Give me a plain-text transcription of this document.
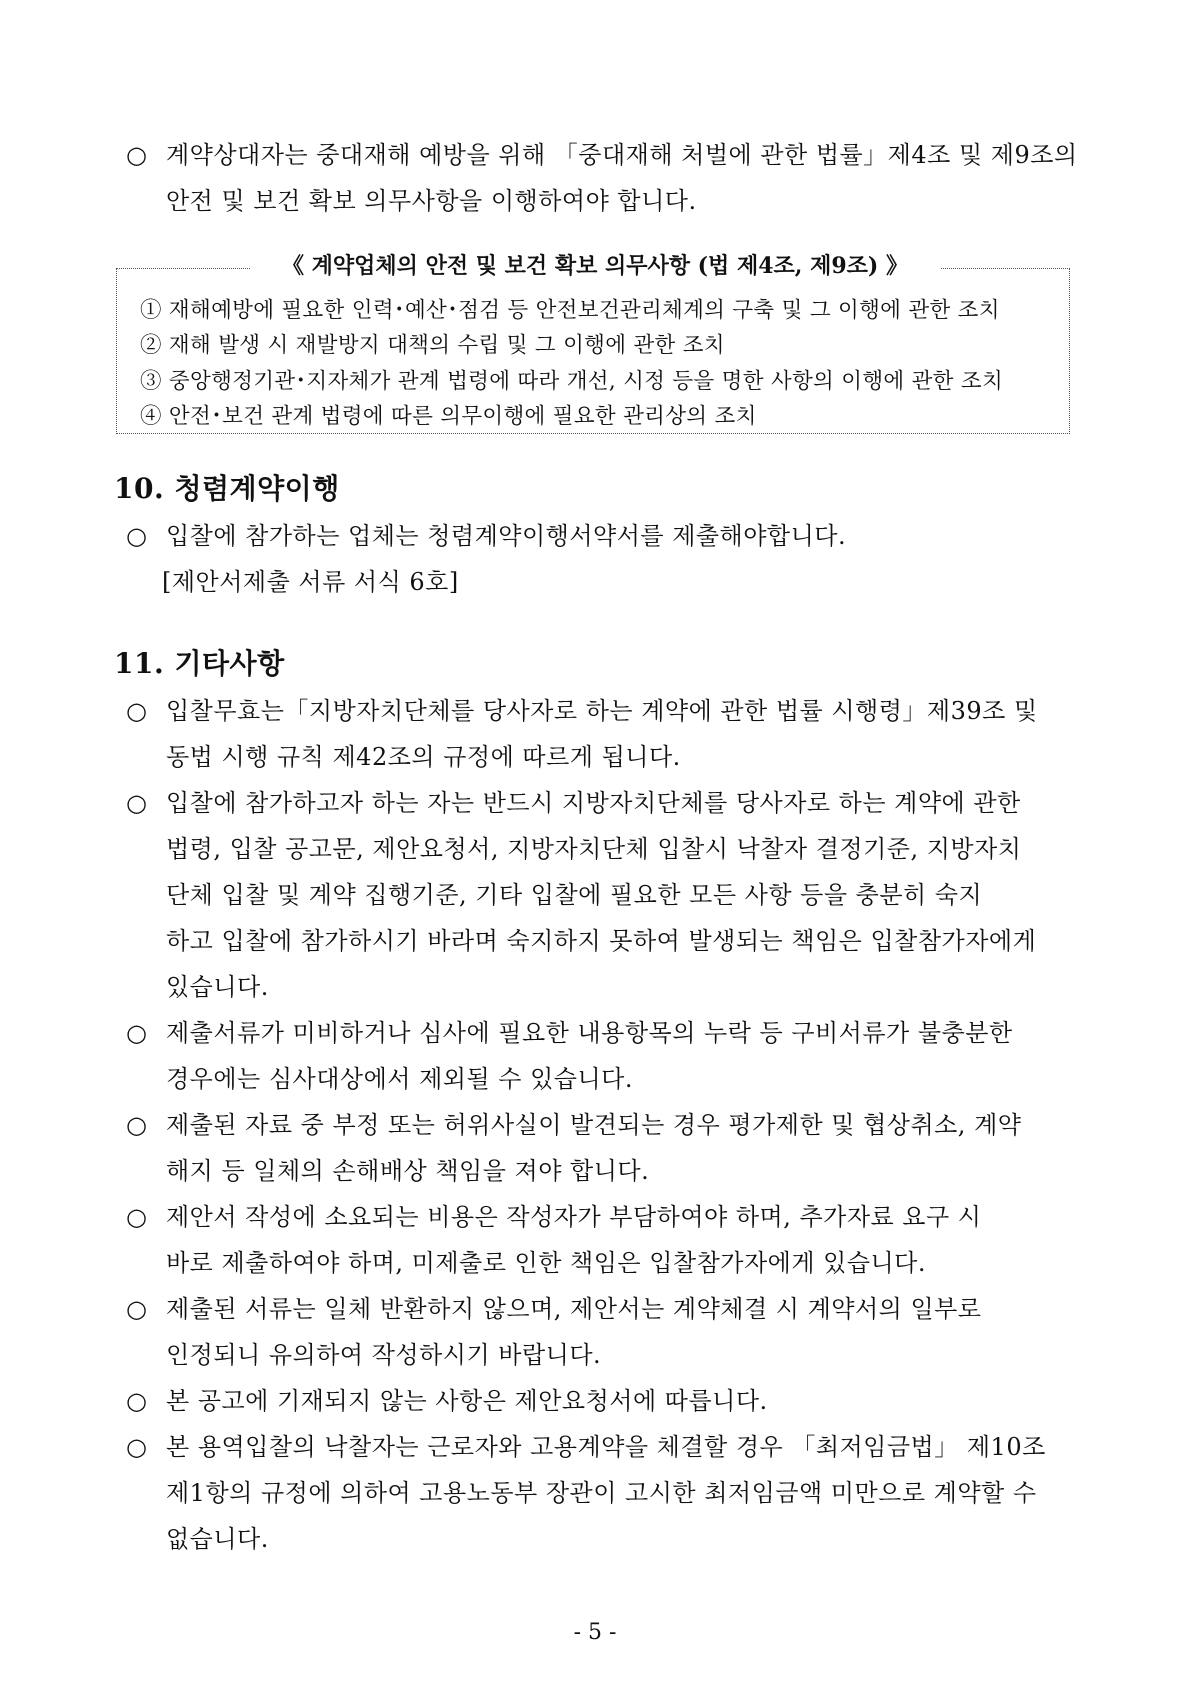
○ 계약상대자는 중대재해 예방을 위해 「중대재해 처벌에 관한 법률」제4조 및 제9조의
안전 및 보건 확보 의무사항을 이행하여야 합니다.
《 계약업체의 안전 및 보건 확보 의무사항 (법 제4조, 제9조) 》
① 재해예방에 필요한 인력･예산･점검 등 안전보건관리체계의 구축 및 그 이행에 관한 조치
② 재해 발생 시 재발방지 대책의 수립 및 그 이행에 관한 조치
③ 중앙행정기관･지자체가 관계 법령에 따라 개선, 시정 등을 명한 사항의 이행에 관한 조치
④ 안전･보건 관계 법령에 따른 의무이행에 필요한 관리상의 조치
10. 청렴계약이행
○ 입찰에 참가하는 업체는 청렴계약이행서약서를 제출해야합니다.
[제안서제출 서류 서식 6호]
11. 기타사항
○ 입찰무효는「지방자치단체를 당사자로 하는 계약에 관한 법률 시행령」제39조 및
동법 시행 규칙 제42조의 규정에 따르게 됩니다.
○ 입찰에 참가하고자 하는 자는 반드시 지방자치단체를 당사자로 하는 계약에 관한
법령, 입찰 공고문, 제안요청서, 지방자치단체 입찰시 낙찰자 결정기준, 지방자치
단체 입찰 및 계약 집행기준, 기타 입찰에 필요한 모든 사항 등을 충분히 숙지
하고 입찰에 참가하시기 바라며 숙지하지 못하여 발생되는 책임은 입찰참가자에게
있습니다.
○ 제출서류가 미비하거나 심사에 필요한 내용항목의 누락 등 구비서류가 불충분한
경우에는 심사대상에서 제외될 수 있습니다.
○ 제출된 자료 중 부정 또는 허위사실이 발견되는 경우 평가제한 및 협상취소, 계약
해지 등 일체의 손해배상 책임을 져야 합니다.
○ 제안서 작성에 소요되는 비용은 작성자가 부담하여야 하며, 추가자료 요구 시
바로 제출하여야 하며, 미제출로 인한 책임은 입찰참가자에게 있습니다.
○ 제출된 서류는 일체 반환하지 않으며, 제안서는 계약체결 시 계약서의 일부로
인정되니 유의하여 작성하시기 바랍니다.
○ 본 공고에 기재되지 않는 사항은 제안요청서에 따릅니다.
○ 본 용역입찰의 낙찰자는 근로자와 고용계약을 체결할 경우 「최저임금법」 제10조
제1항의 규정에 의하여 고용노동부 장관이 고시한 최저임금액 미만으로 계약할 수
없습니다.
- 5 -
